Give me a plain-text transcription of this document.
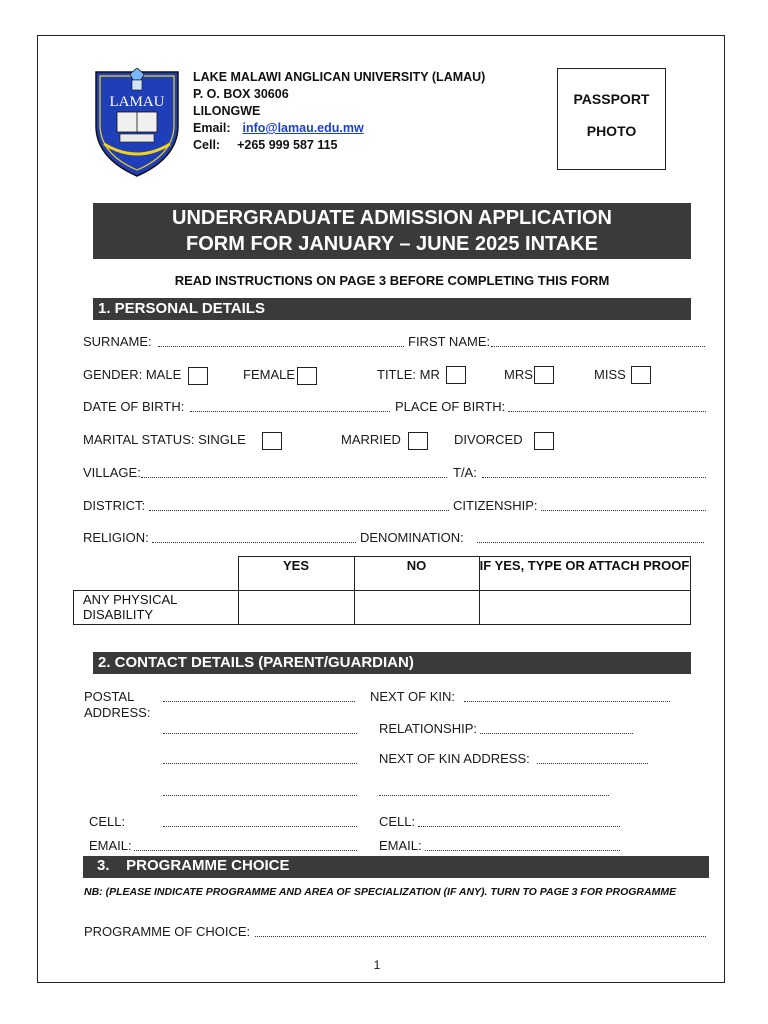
LAMAU
LAKE MALAWI ANGLICAN UNIVERSITY (LAMAU)
P. O. BOX 30606
LILONGWE
Email: info@lamau.edu.mw
Cell: +265 999 587 115
PASSPORT
PHOTO
UNDERGRADUATE ADMISSION APPLICATION
FORM FOR JANUARY – JUNE 2025 INTAKE
READ INSTRUCTIONS ON PAGE 3 BEFORE COMPLETING THIS FORM
1. PERSONAL DETAILS
SURNAME:	FIRST NAME:
GENDER: MALE	FEMALE	TITLE: MR	MRS	MISS
DATE OF BIRTH:	PLACE OF BIRTH:
MARITAL STATUS: SINGLE	MARRIED	DIVORCED
VILLAGE:	T/A:
DISTRICT:	CITIZENSHIP:
RELIGION:	DENOMINATION:
	YES	NO	IF YES, TYPE OR ATTACH PROOF
ANY PHYSICAL DISABILITY			
2. CONTACT DETAILS (PARENT/GUARDIAN)
POSTAL ADDRESS:
NEXT OF KIN:
RELATIONSHIP:
NEXT OF KIN ADDRESS:
CELL:	CELL:
EMAIL:	EMAIL:
3.    PROGRAMME CHOICE
NB: (PLEASE INDICATE PROGRAMME AND AREA OF SPECIALIZATION (IF ANY). TURN TO PAGE 3 FOR PROGRAMME
PROGRAMME OF CHOICE:
1
